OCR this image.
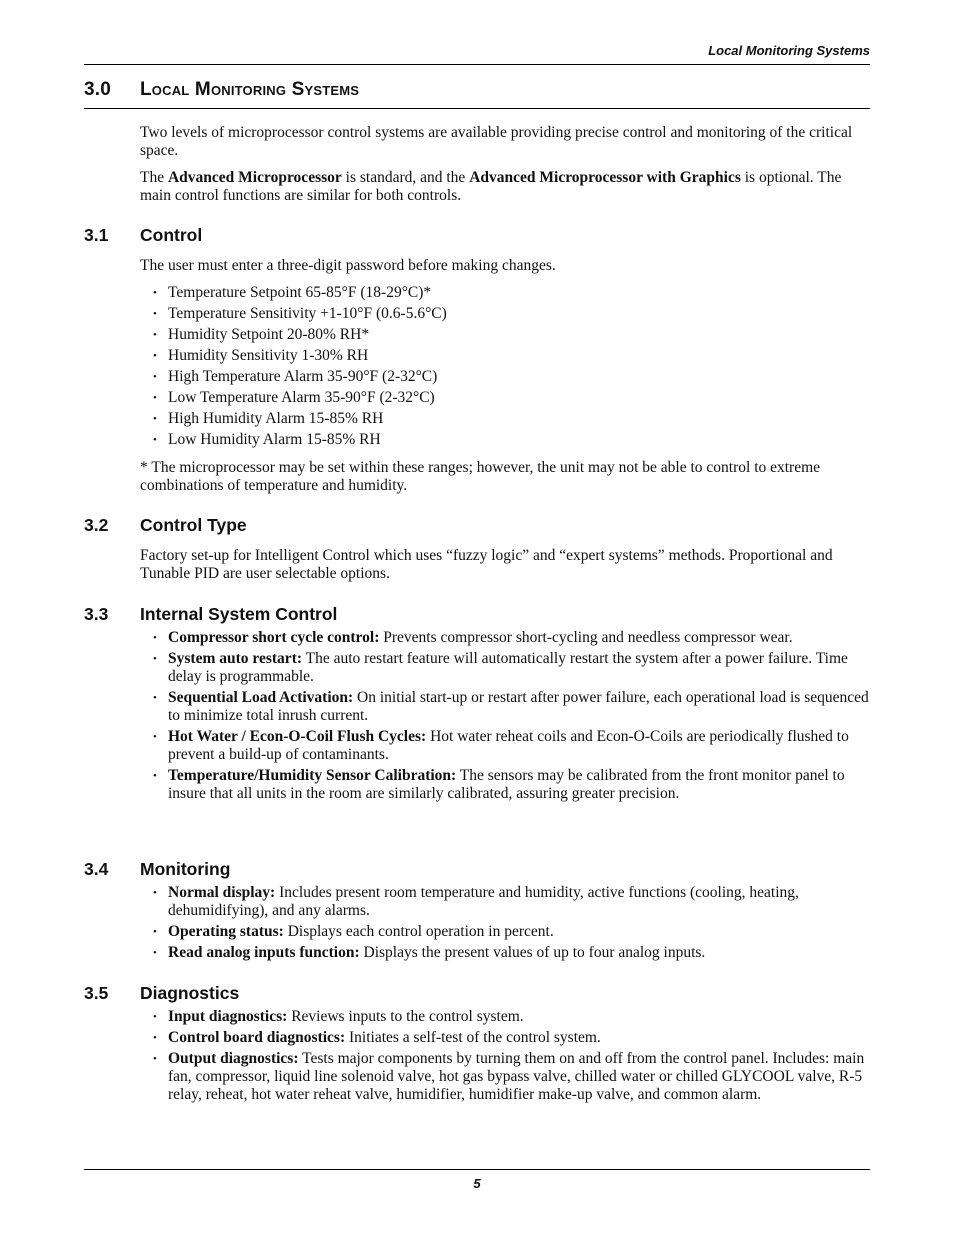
Local Monitoring Systems
3.0 Local Monitoring Systems
Two levels of microprocessor control systems are available providing precise control and monitoring of the critical space.
The Advanced Microprocessor is standard, and the Advanced Microprocessor with Graphics is optional. The main control functions are similar for both controls.
3.1 Control
The user must enter a three-digit password before making changes.
• Temperature Setpoint 65-85°F (18-29°C)*
• Temperature Sensitivity +1-10°F (0.6-5.6°C)
• Humidity Setpoint 20-80% RH*
• Humidity Sensitivity 1-30% RH
• High Temperature Alarm 35-90°F (2-32°C)
• Low Temperature Alarm 35-90°F (2-32°C)
• High Humidity Alarm 15-85% RH
• Low Humidity Alarm 15-85% RH
* The microprocessor may be set within these ranges; however, the unit may not be able to control to extreme combinations of temperature and humidity.
3.2 Control Type
Factory set-up for Intelligent Control which uses “fuzzy logic” and “expert systems” methods. Proportional and Tunable PID are user selectable options.
3.3 Internal System Control
• Compressor short cycle control: Prevents compressor short-cycling and needless compressor wear.
• System auto restart: The auto restart feature will automatically restart the system after a power failure. Time delay is programmable.
• Sequential Load Activation: On initial start-up or restart after power failure, each operational load is sequenced to minimize total inrush current.
• Hot Water / Econ-O-Coil Flush Cycles: Hot water reheat coils and Econ-O-Coils are periodically flushed to prevent a build-up of contaminants.
• Temperature/Humidity Sensor Calibration: The sensors may be calibrated from the front monitor panel to insure that all units in the room are similarly calibrated, assuring greater precision.
3.4 Monitoring
• Normal display: Includes present room temperature and humidity, active functions (cooling, heating, dehumidifying), and any alarms.
• Operating status: Displays each control operation in percent.
• Read analog inputs function: Displays the present values of up to four analog inputs.
3.5 Diagnostics
• Input diagnostics: Reviews inputs to the control system.
• Control board diagnostics: Initiates a self-test of the control system.
• Output diagnostics: Tests major components by turning them on and off from the control panel. Includes: main fan, compressor, liquid line solenoid valve, hot gas bypass valve, chilled water or chilled GLYCOOL valve, R-5 relay, reheat, hot water reheat valve, humidifier, humidifier make-up valve, and common alarm.
5
